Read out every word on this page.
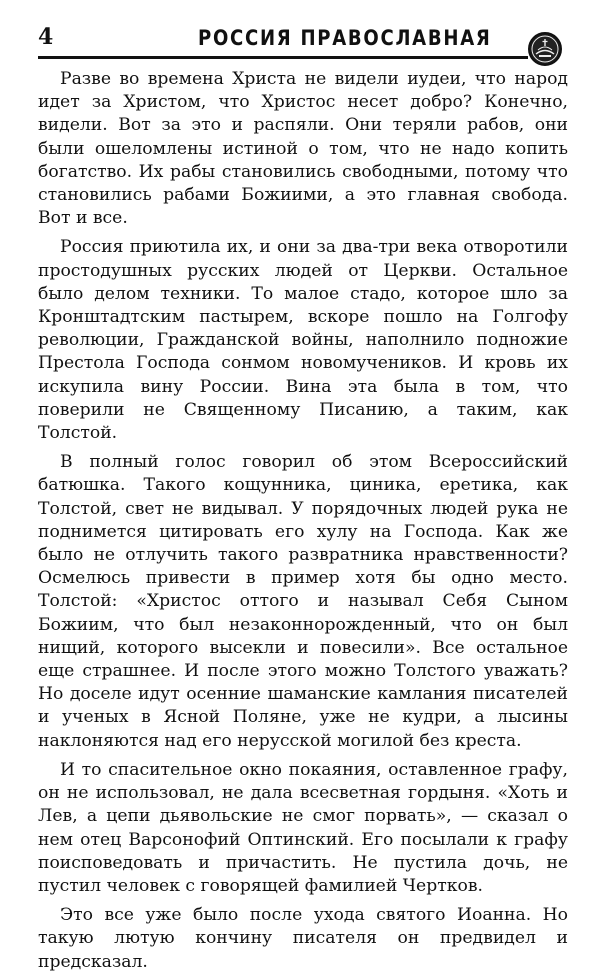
4	РОССИЯ ПРАВОСЛАВНАЯ

Разве во времена Христа не видели иудеи, что народ идет за Христом, что Христос несет добро? Конечно, видели. Вот за это и распяли. Они теряли рабов, они были ошеломлены истиной о том, что не надо копить богатство. Их рабы становились свободными, потому что становились рабами Божиими, а это главная свобода. Вот и все.

Россия приютила их, и они за два-три века отворотили простодушных русских людей от Церкви. Остальное было делом техники. То малое стадо, которое шло за Кронштадтским пастырем, вскоре пошло на Голгофу революции, Гражданской войны, наполнило подножие Престола Господа сонмом новомучеников. И кровь их искупила вину России. Вина эта была в том, что поверили не Священному Писанию, а таким, как Толстой.

В полный голос говорил об этом Всероссийский батюшка. Такого кощунника, циника, еретика, как Толстой, свет не видывал. У порядочных людей рука не поднимется цитировать его хулу на Господа. Как же было не отлучить такого развратника нравственности? Осмелюсь привести в пример хотя бы одно место. Толстой: «Христос оттого и называл Себя Сыном Божиим, что был незаконнорожденный, что он был нищий, которого высекли и повесили». Все остальное еще страшнее. И после этого можно Толстого уважать? Но доселе идут осенние шаманские камлания писателей и ученых в Ясной Поляне, уже не кудри, а лысины наклоняются над его нерусской могилой без креста.

И то спасительное окно покаяния, оставленное графу, он не использовал, не дала всесветная гордыня. «Хоть и Лев, а цепи дьявольские не смог порвать», — сказал о нем отец Варсонофий Оптинский. Его посылали к графу поисповедовать и причастить. Не пустила дочь, не пустил человек с говорящей фамилией Чертков.

Это все уже было после ухода святого Иоанна. Но такую лютую кончину писателя он предвидел и предсказал.
